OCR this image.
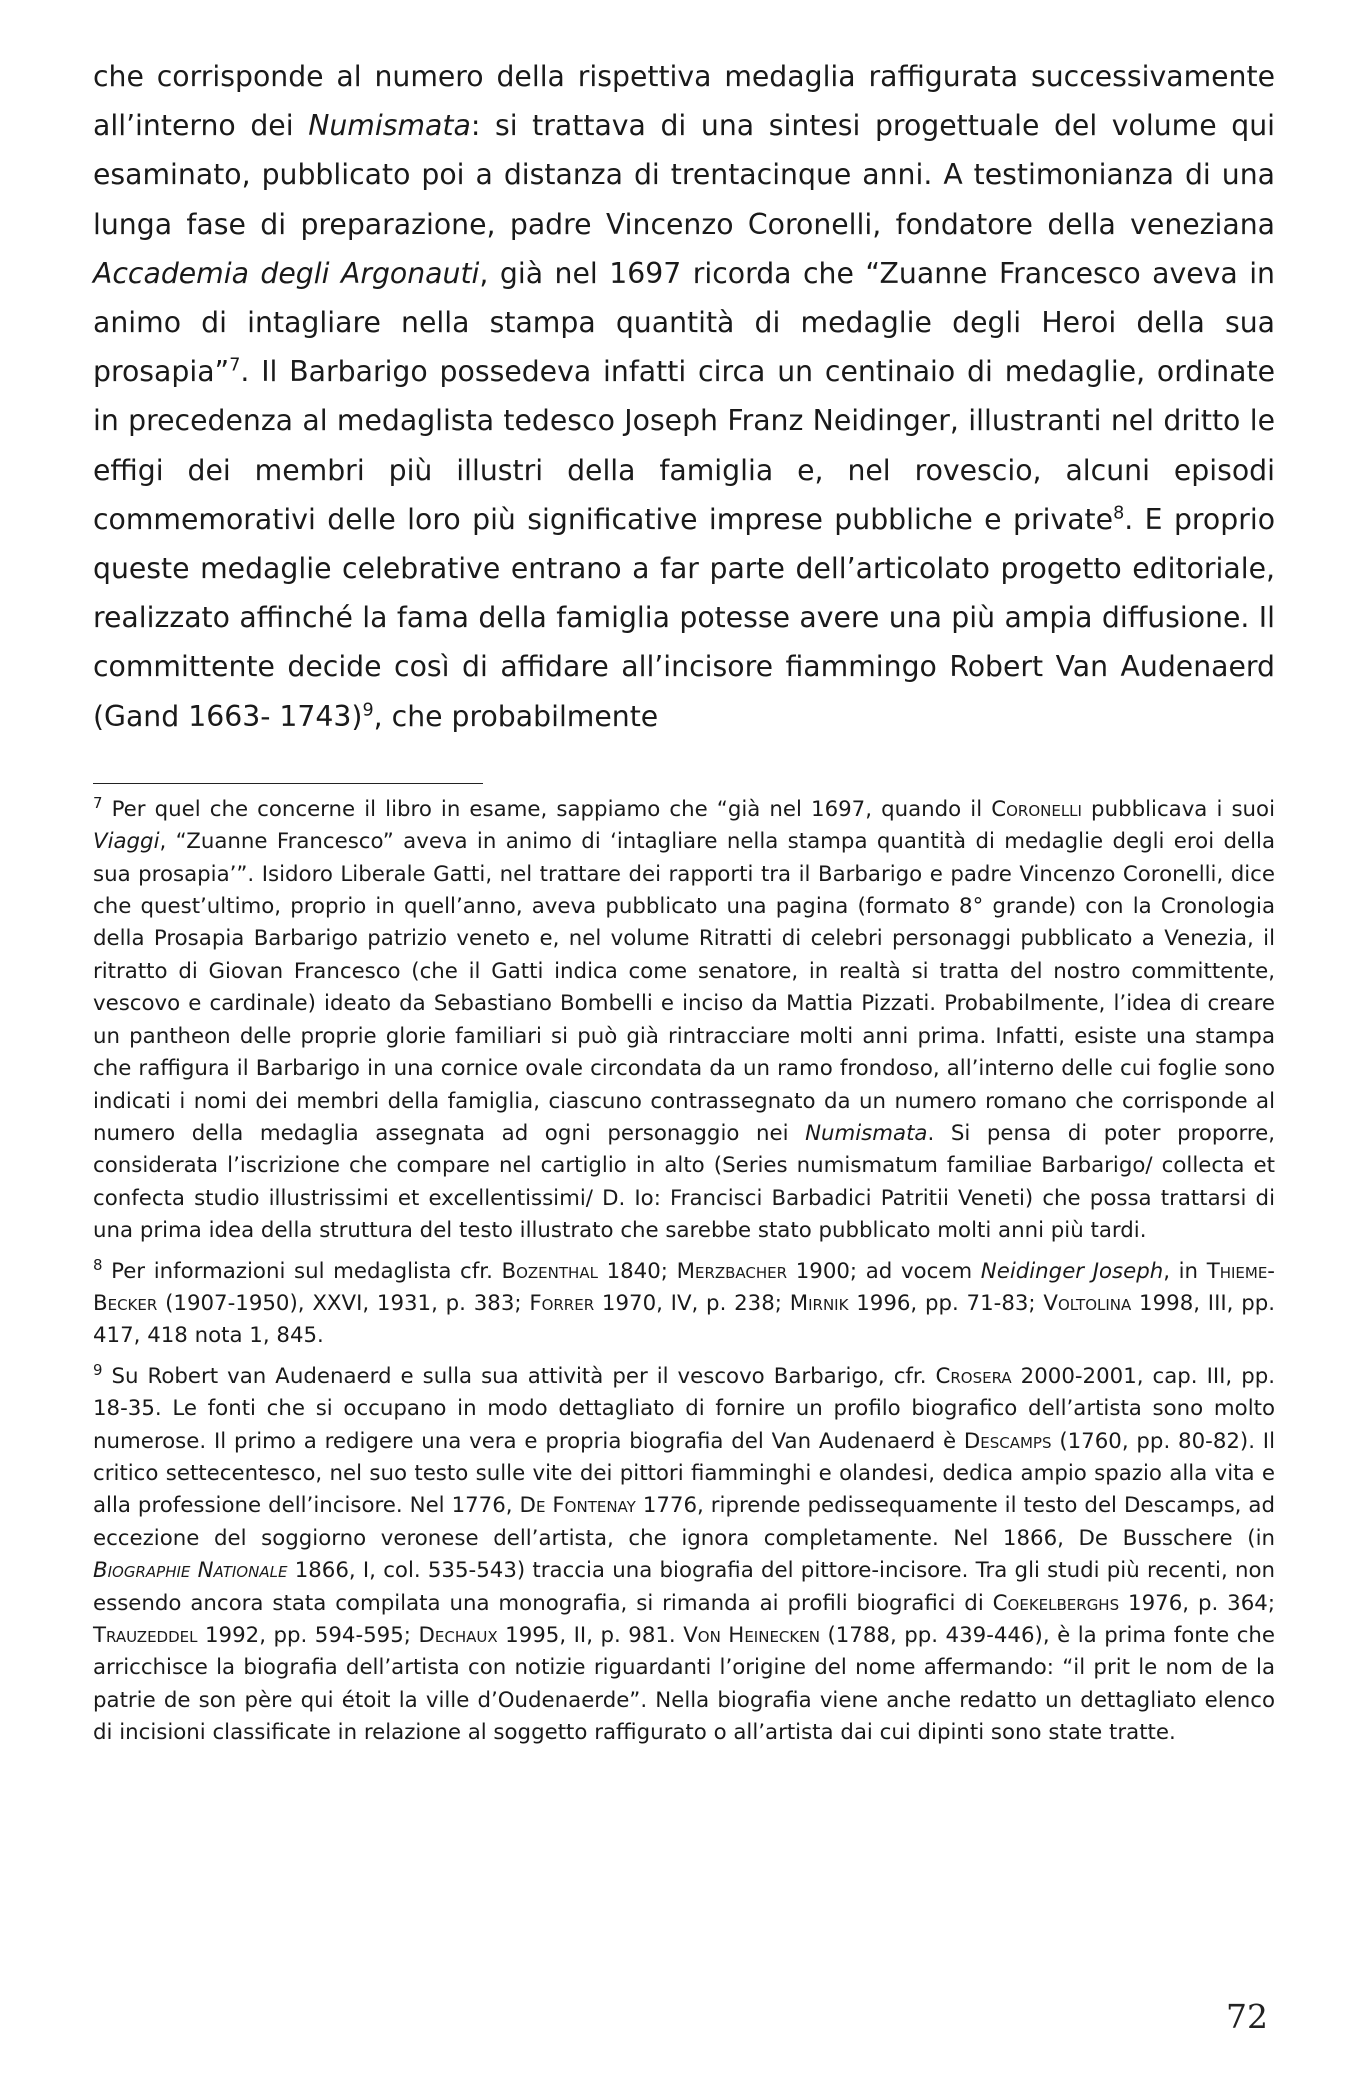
che corrisponde al numero della rispettiva medaglia raffigurata successivamente all’interno dei Numismata: si trattava di una sintesi progettuale del volume qui esaminato, pubblicato poi a distanza di trentacinque anni. A testimonianza di una lunga fase di preparazione, padre Vincenzo Coronelli, fondatore della veneziana Accademia degli Argonauti, già nel 1697 ricorda che “Zuanne Francesco aveva in animo di intagliare nella stampa quantità di medaglie degli Heroi della sua prosapia”$^7$. Il Barbarigo possedeva infatti circa un centinaio di medaglie, ordinate in precedenza al medaglista tedesco Joseph Franz Neidinger, illustranti nel dritto le effigi dei membri più illustri della famiglia e, nel rovescio, alcuni episodi commemorativi delle loro più significative imprese pubbliche e private$^8$. E proprio queste medaglie celebrative entrano a far parte dell’articolato progetto editoriale, realizzato affinché la fama della famiglia potesse avere una più ampia diffusione. Il committente decide così di affidare all’incisore fiammingo Robert Van Audenaerd (Gand 1663- 1743)$^9$, che probabilmente

$^7$ Per quel che concerne il libro in esame, sappiamo che “già nel 1697, quando il Coronelli pubblicava i suoi Viaggi, “Zuanne Francesco” aveva in animo di ‘intagliare nella stampa quantità di medaglie degli eroi della sua prosapia’”. Isidoro Liberale Gatti, nel trattare dei rapporti tra il Barbarigo e padre Vincenzo Coronelli, dice che quest’ultimo, proprio in quell’anno, aveva pubblicato una pagina (formato 8° grande) con la Cronologia della Prosapia Barbarigo patrizio veneto e, nel volume Ritratti di celebri personaggi pubblicato a Venezia, il ritratto di Giovan Francesco (che il Gatti indica come senatore, in realtà si tratta del nostro committente, vescovo e cardinale) ideato da Sebastiano Bombelli e inciso da Mattia Pizzati. Probabilmente, l’idea di creare un pantheon delle proprie glorie familiari si può già rintracciare molti anni prima. Infatti, esiste una stampa che raffigura il Barbarigo in una cornice ovale circondata da un ramo frondoso, all’interno delle cui foglie sono indicati i nomi dei membri della famiglia, ciascuno contrassegnato da un numero romano che corrisponde al numero della medaglia assegnata ad ogni personaggio nei Numismata. Si pensa di poter proporre, considerata l’iscrizione che compare nel cartiglio in alto (Series numismatum familiae Barbarigo/ collecta et confecta studio illustrissimi et excellentissimi/ D. Io: Francisci Barbadici Patritii Veneti) che possa trattarsi di una prima idea della struttura del testo illustrato che sarebbe stato pubblicato molti anni più tardi.

$^8$ Per informazioni sul medaglista cfr. Bozenthal 1840; Merzbacher 1900; ad vocem Neidinger Joseph, in Thieme-Becker (1907-1950), XXVI, 1931, p. 383; Forrer 1970, IV, p. 238; Mirnik 1996, pp. 71-83; Voltolina 1998, III, pp. 417, 418 nota 1, 845.

$^9$ Su Robert van Audenaerd e sulla sua attività per il vescovo Barbarigo, cfr. Crosera 2000-2001, cap. III, pp. 18-35. Le fonti che si occupano in modo dettagliato di fornire un profilo biografico dell’artista sono molto numerose. Il primo a redigere una vera e propria biografia del Van Audenaerd è Descamps (1760, pp. 80-82). Il critico settecentesco, nel suo testo sulle vite dei pittori fiamminghi e olandesi, dedica ampio spazio alla vita e alla professione dell’incisore. Nel 1776, De Fontenay 1776, riprende pedissequamente il testo del Descamps, ad eccezione del soggiorno veronese dell’artista, che ignora completamente. Nel 1866, De Busschere (in Biographie Nationale 1866, I, col. 535-543) traccia una biografia del pittore-incisore. Tra gli studi più recenti, non essendo ancora stata compilata una monografia, si rimanda ai profili biografici di Coekelberghs 1976, p. 364; Trauzeddel 1992, pp. 594-595; Dechaux 1995, II, p. 981. Von Heinecken (1788, pp. 439-446), è la prima fonte che arricchisce la biografia dell’artista con notizie riguardanti l’origine del nome affermando: “il prit le nom de la patrie de son père qui étoit la ville d’Oudenaerde”. Nella biografia viene anche redatto un dettagliato elenco di incisioni classificate in relazione al soggetto raffigurato o all’artista dai cui dipinti sono state tratte.

72
